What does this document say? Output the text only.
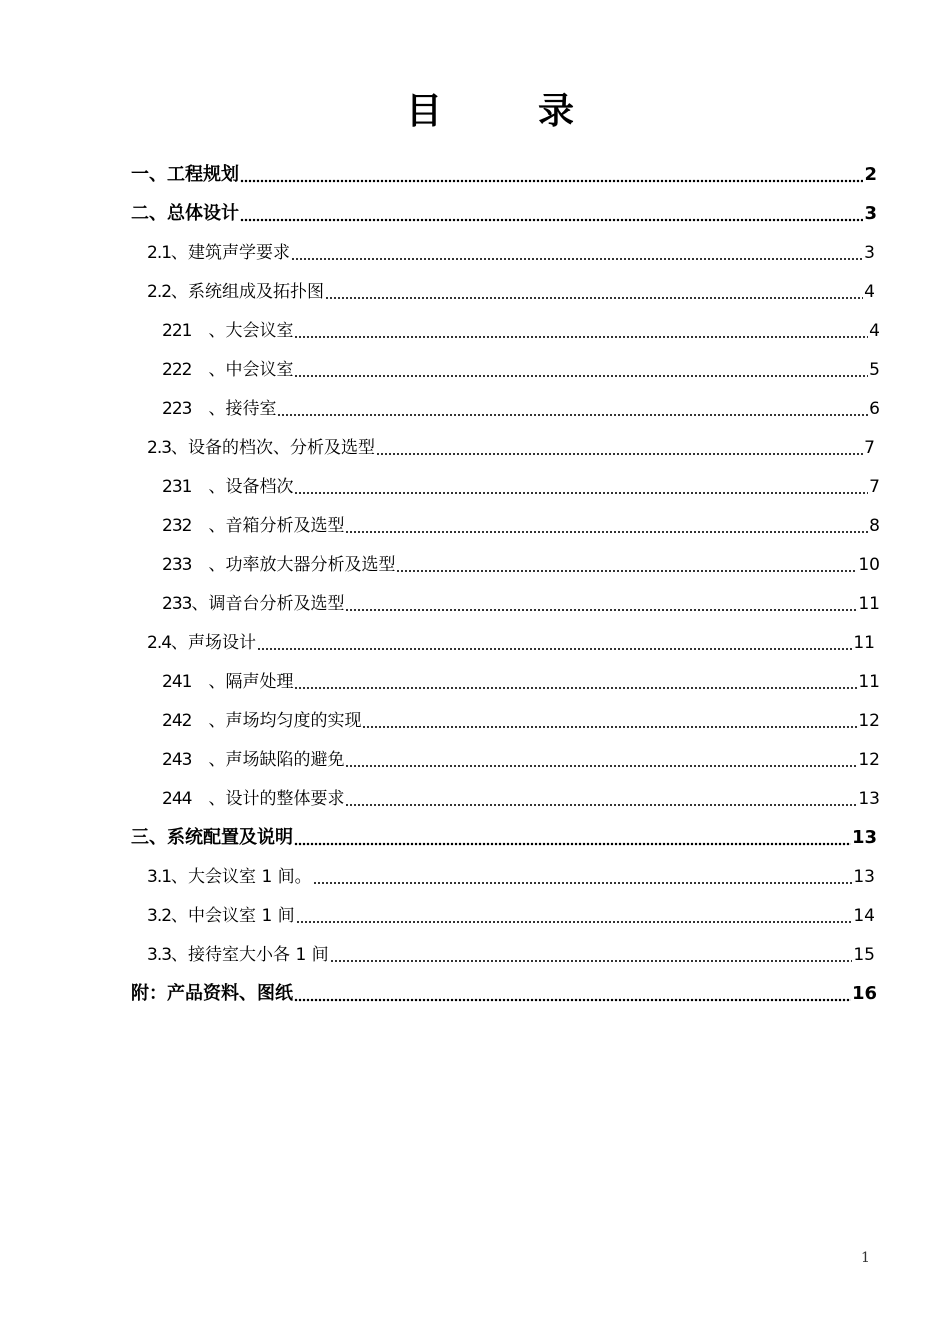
目　录
一、工程规划	2
二、总体设计	3
2.1 、 建筑声学要求	3
2.2 、 系统组成及拓扑图	4
221 　、 大会议室	4
222 　、 中会议室	5
223 　、 接待室	6
2.3 、 设备的档次、分析及选型	7
231 　、 设备档次	7
232 　、 音箱分析及选型	8
233 　、 功率放大器分析及选型	10
233 、 调音台分析及选型	11
2.4 、 声场设计	11
241 　、 隔声处理	11
242 　、 声场均匀度的实现	12
243 　、 声场缺陷的避免	12
244 　、 设计的整体要求	13
三、系统配置及说明	13
3.1 、 大会议室 1 间。	13
3.2 、 中会议室 1 间	14
3.3 、 接待室大小各 1 间	15
附：产品资料、图纸	16
1
